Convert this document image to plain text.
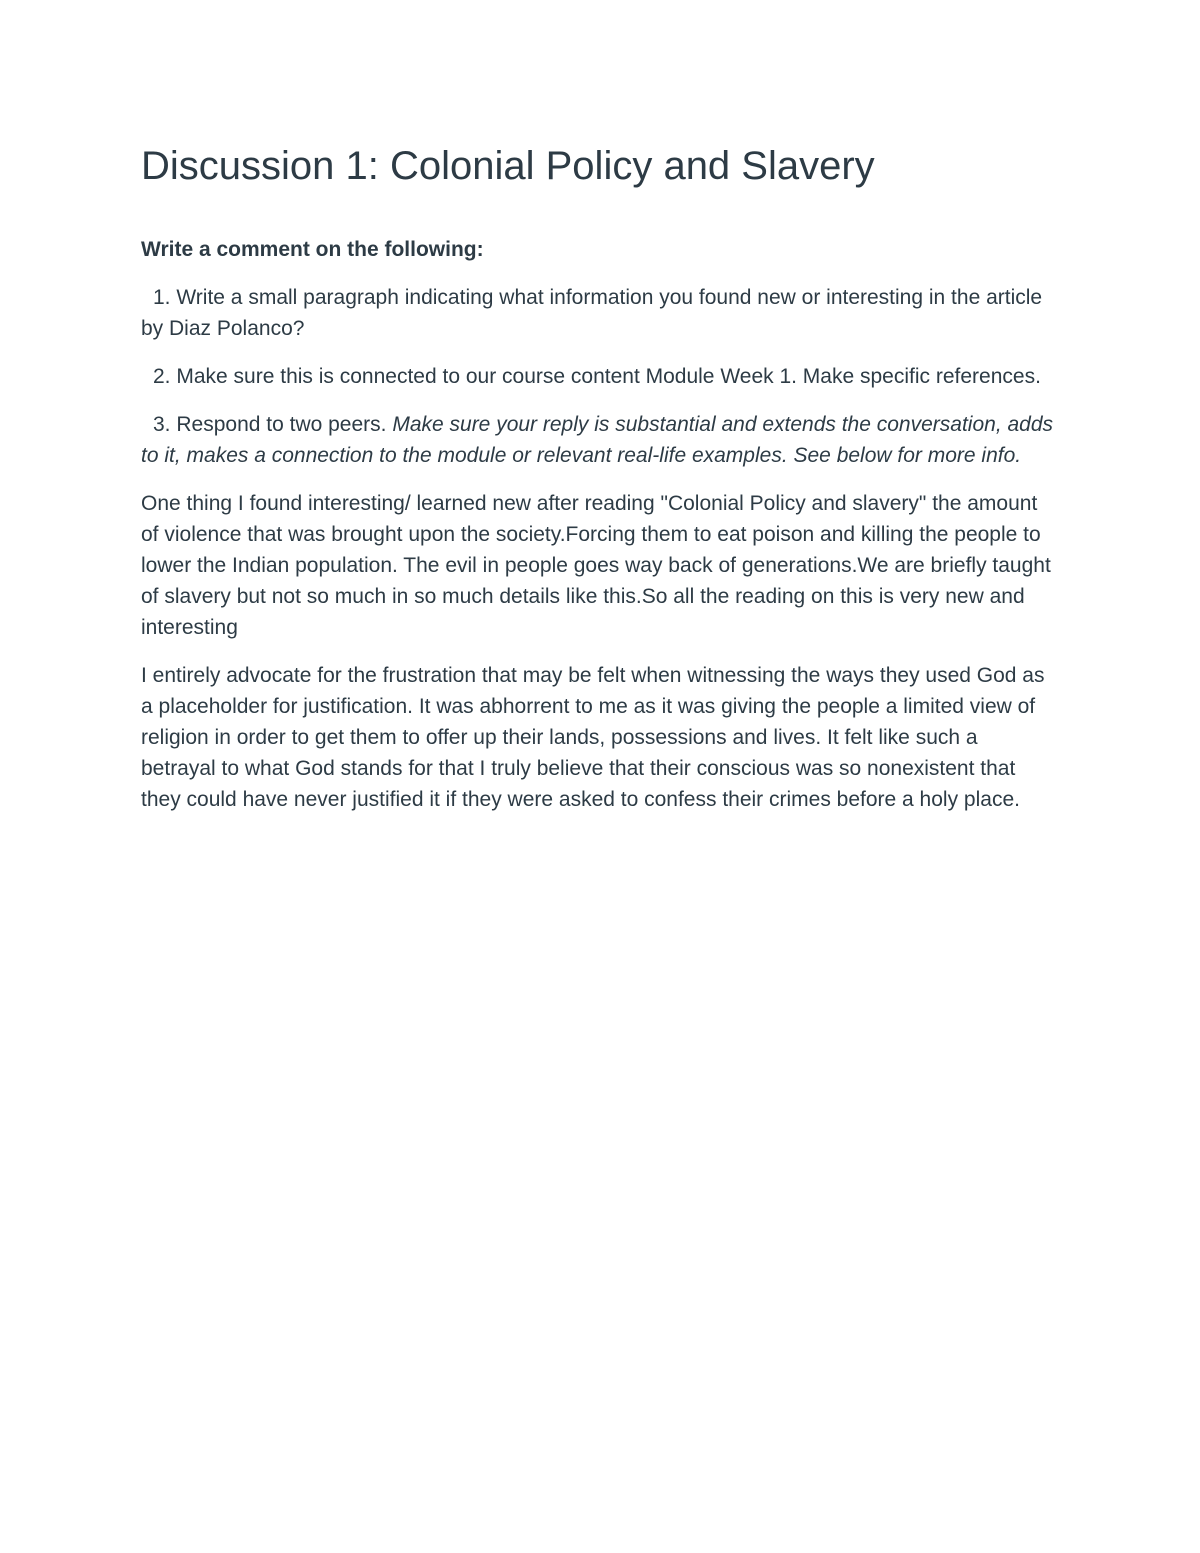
Discussion 1: Colonial Policy and Slavery

Write a comment on the following:

1. Write a small paragraph indicating what information you found new or interesting in the article by Diaz Polanco?

2. Make sure this is connected to our course content Module Week 1. Make specific references.

3. Respond to two peers. Make sure your reply is substantial and extends the conversation, adds to it, makes a connection to the module or relevant real-life examples. See below for more info.

One thing I found interesting/ learned new after reading "Colonial Policy and slavery" the amount of violence that was brought upon the society.Forcing them to eat poison and killing the people to lower the Indian population. The evil in people goes way back of generations.We are briefly taught of slavery but not so much in so much details like this.So all the reading on this is very new and interesting

I entirely advocate for the frustration that may be felt when witnessing the ways they used God as a placeholder for justification. It was abhorrent to me as it was giving the people a limited view of religion in order to get them to offer up their lands, possessions and lives. It felt like such a betrayal to what God stands for that I truly believe that their conscious was so nonexistent that they could have never justified it if they were asked to confess their crimes before a holy place.
